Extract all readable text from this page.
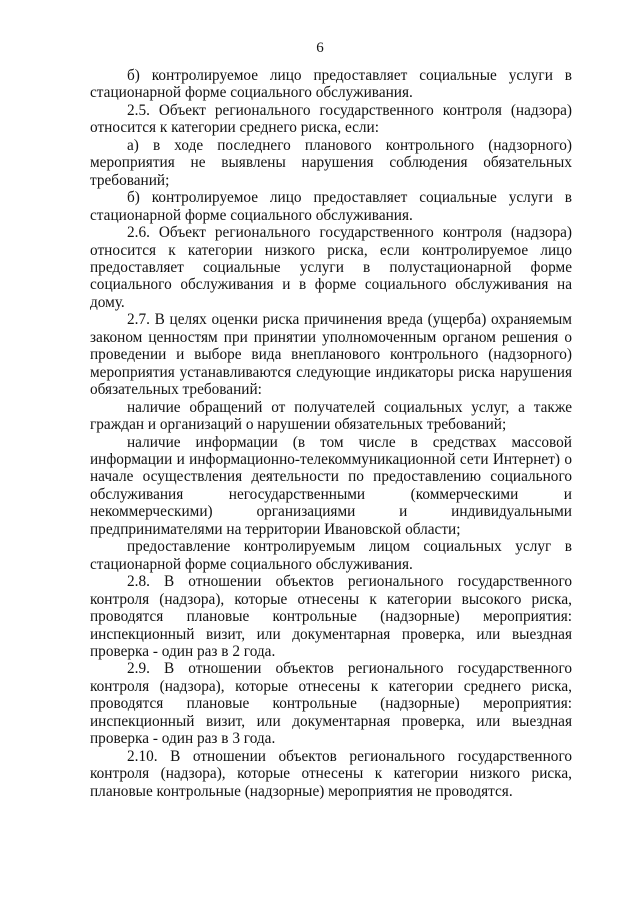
6

б) контролируемое лицо предоставляет социальные услуги в стационарной форме социального обслуживания.

2.5. Объект регионального государственного контроля (надзора) относится к категории среднего риска, если:

а) в ходе последнего планового контрольного (надзорного) мероприятия не выявлены нарушения соблюдения обязательных требований;

б) контролируемое лицо предоставляет социальные услуги в стационарной форме социального обслуживания.

2.6. Объект регионального государственного контроля (надзора) относится к категории низкого риска, если контролируемое лицо предоставляет социальные услуги в полустационарной форме социального обслуживания и в форме социального обслуживания на дому.

2.7. В целях оценки риска причинения вреда (ущерба) охраняемым законом ценностям при принятии уполномоченным органом решения о проведении и выборе вида внепланового контрольного (надзорного) мероприятия устанавливаются следующие индикаторы риска нарушения обязательных требований:

наличие обращений от получателей социальных услуг, а также граждан и организаций о нарушении обязательных требований;

наличие информации (в том числе в средствах массовой информации и информационно-телекоммуникационной сети Интернет) о начале осуществления деятельности по предоставлению социального обслуживания негосударственными (коммерческими и некоммерческими) организациями и индивидуальными предпринимателями на территории Ивановской области;

предоставление контролируемым лицом социальных услуг в стационарной форме социального обслуживания.

2.8. В отношении объектов регионального государственного контроля (надзора), которые отнесены к категории высокого риска, проводятся плановые контрольные (надзорные) мероприятия: инспекционный визит, или документарная проверка, или выездная проверка - один раз в 2 года.

2.9. В отношении объектов регионального государственного контроля (надзора), которые отнесены к категории среднего риска, проводятся плановые контрольные (надзорные) мероприятия: инспекционный визит, или документарная проверка, или выездная проверка - один раз в 3 года.

2.10. В отношении объектов регионального государственного контроля (надзора), которые отнесены к категории низкого риска, плановые контрольные (надзорные) мероприятия не проводятся.
